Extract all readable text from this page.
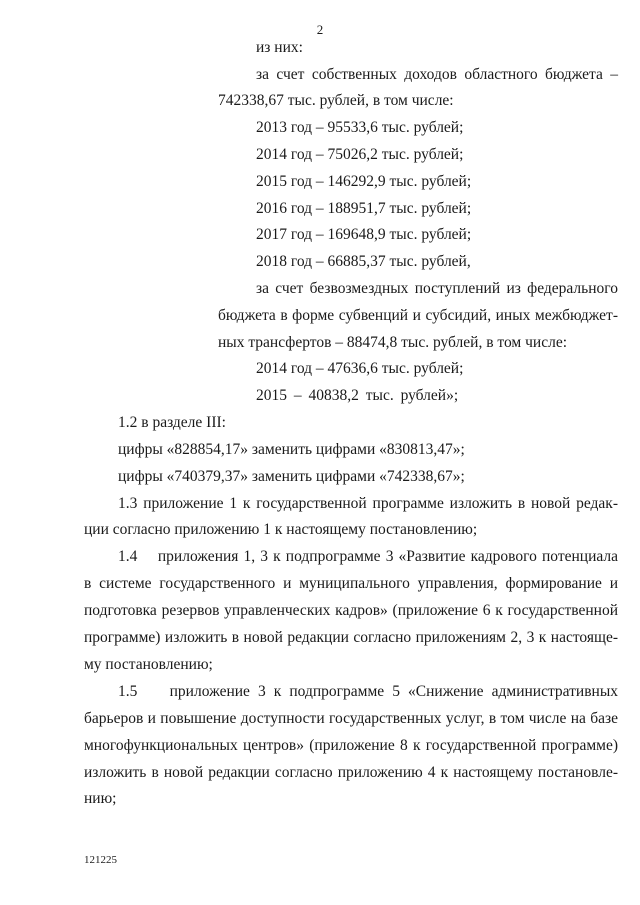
2
из них:
за счет собственных доходов областного бюджета –
742338,67 тыс. рублей, в том числе:
2013 год – 95533,6 тыс. рублей;
2014 год – 75026,2 тыс. рублей;
2015 год – 146292,9 тыс. рублей;
2016 год – 188951,7 тыс. рублей;
2017 год – 169648,9 тыс. рублей;
2018 год – 66885,37 тыс. рублей,
за счет безвозмездных поступлений из федерального
бюджета в форме субвенций и субсидий, иных межбюджет-
ных трансфертов – 88474,8 тыс. рублей, в том числе:
2014 год – 47636,6 тыс. рублей;
2015 – 40838,2 тыс. рублей»;
1.2 в разделе III:
цифры «828854,17» заменить цифрами «830813,47»;
цифры «740379,37» заменить цифрами «742338,67»;
1.3 приложение 1 к государственной программе изложить в новой редак-
ции согласно приложению 1 к настоящему постановлению;
1.4    приложения 1, 3 к подпрограмме 3 «Развитие кадрового потенциала
в системе государственного и муниципального управления, формирование и
подготовка резервов управленческих кадров» (приложение 6 к государственной
программе) изложить в новой редакции согласно приложениям 2, 3 к настояще-
му постановлению;
1.5    приложение 3 к подпрограмме 5 «Снижение административных
барьеров и повышение доступности государственных услуг, в том числе на базе
многофункциональных центров» (приложение 8 к государственной программе)
изложить в новой редакции согласно приложению 4 к настоящему постановле-
нию;
121225
